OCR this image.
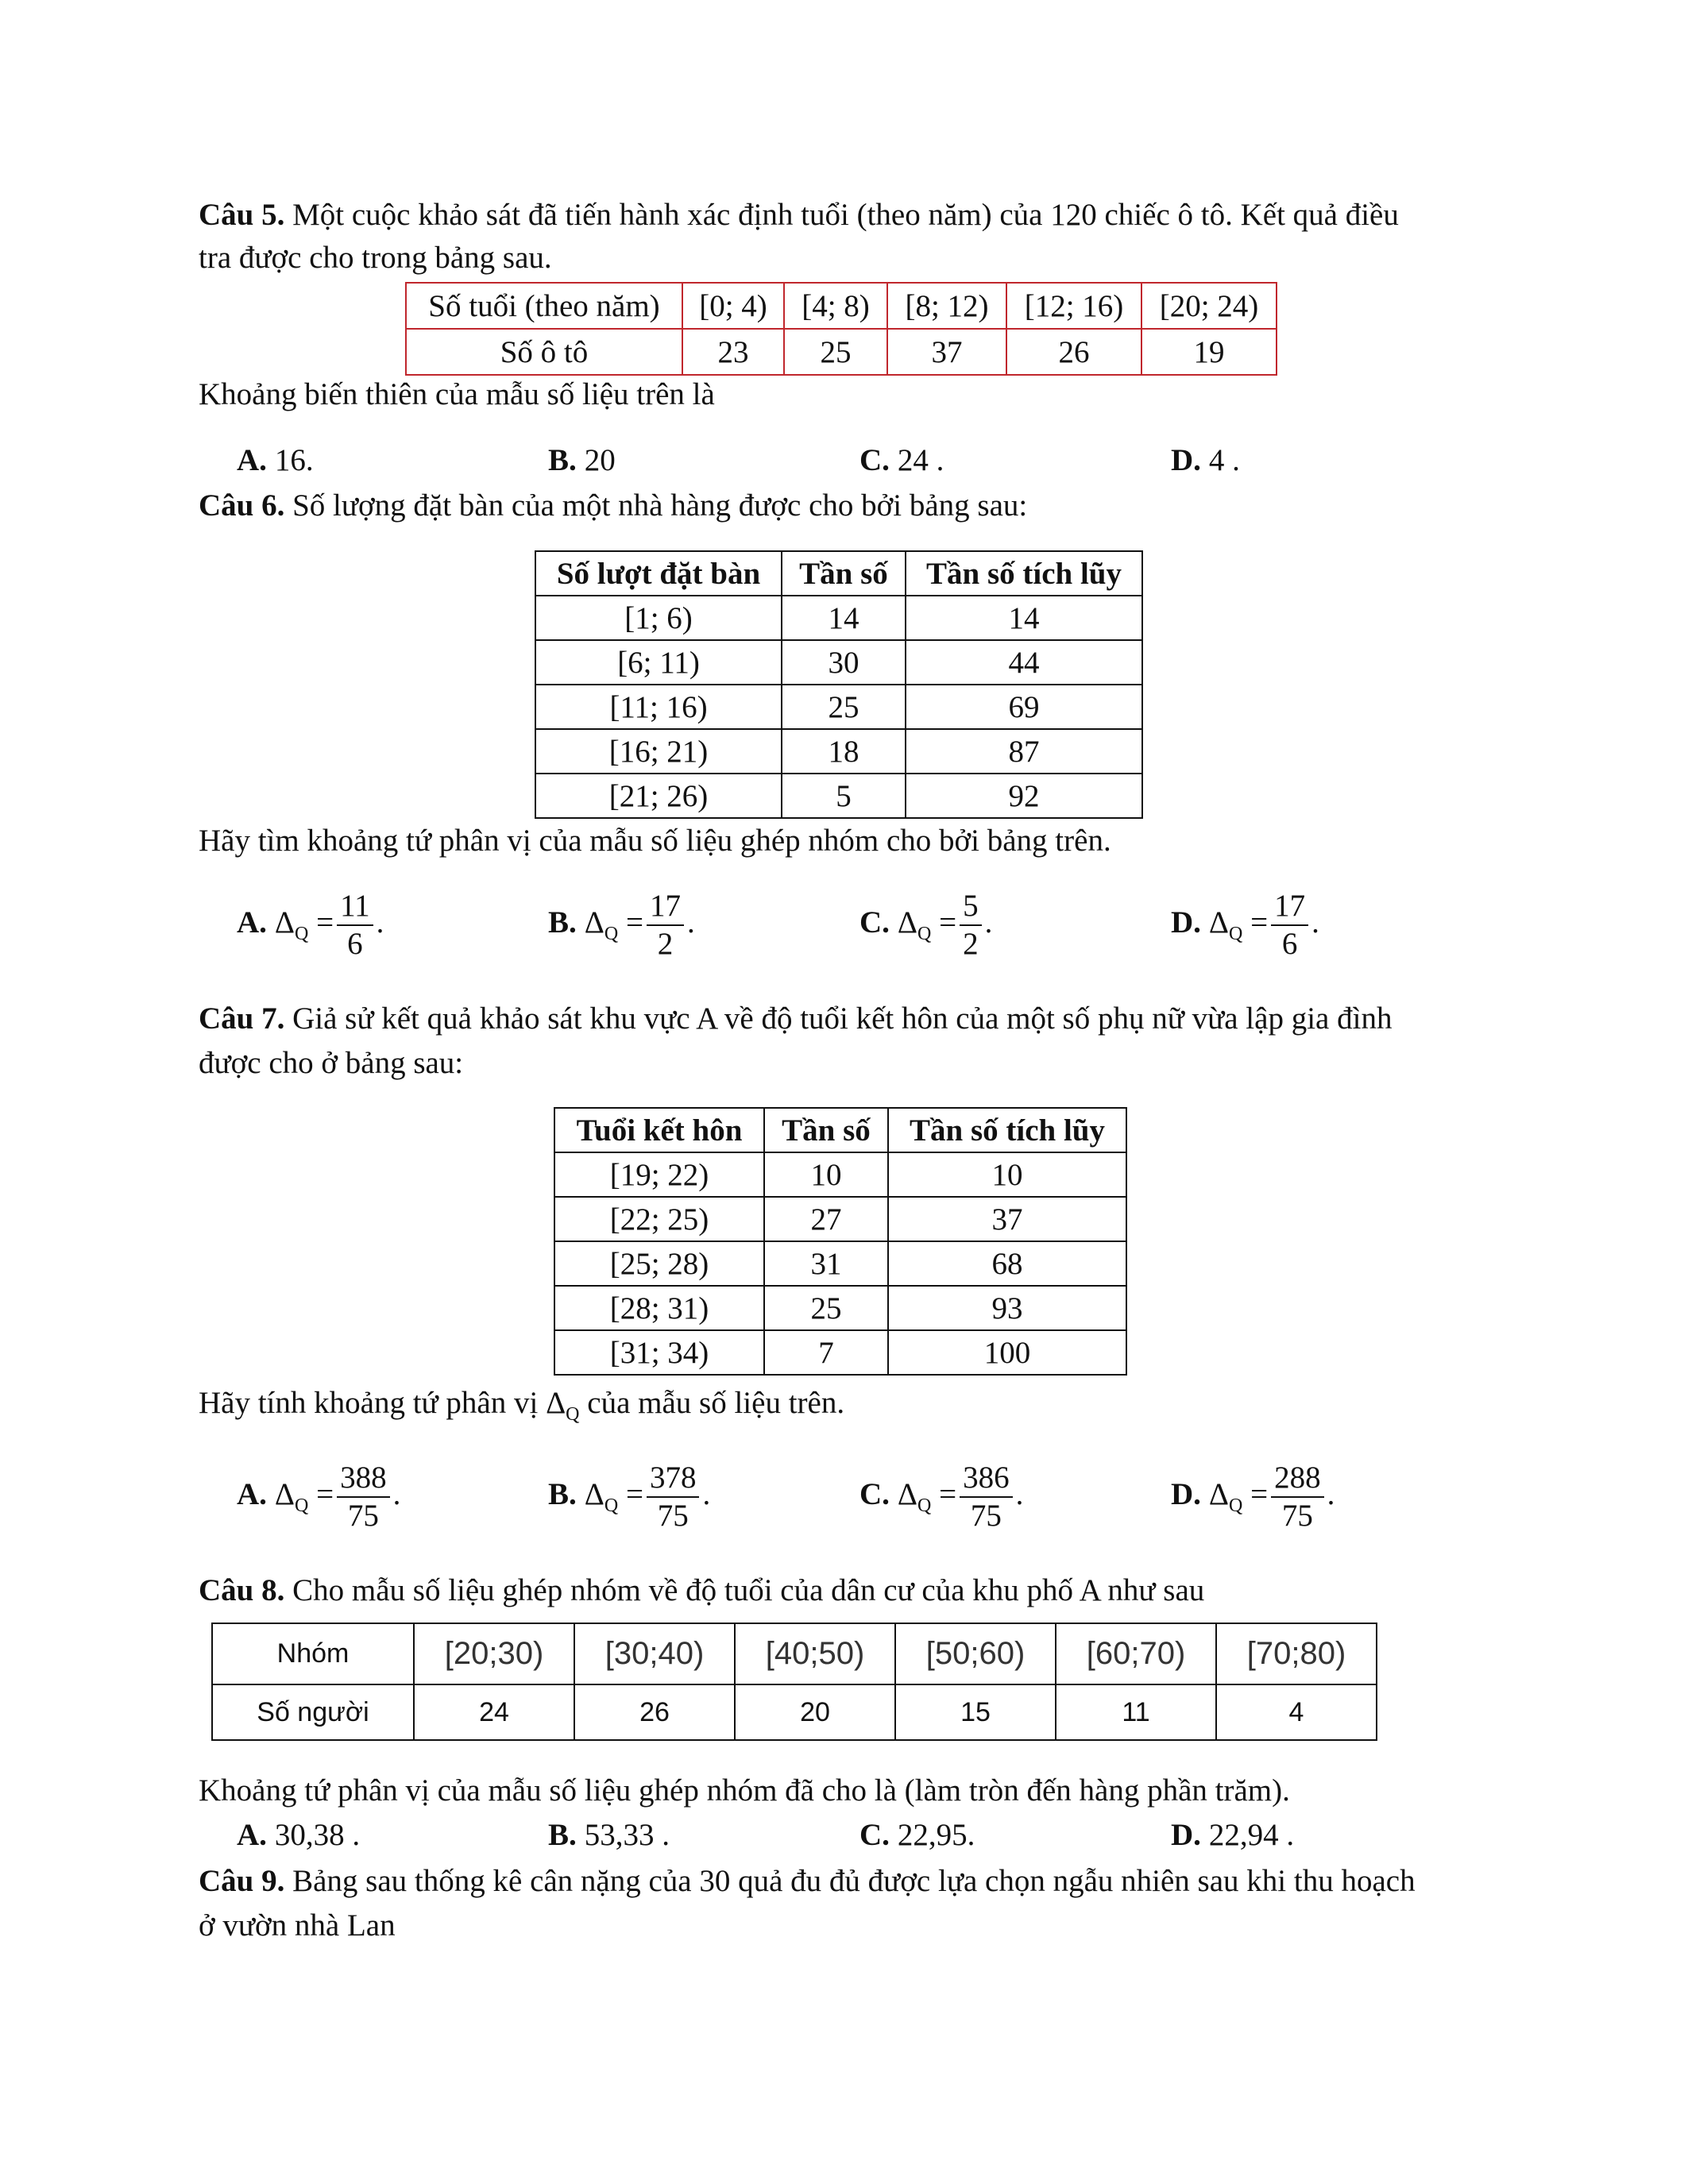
Câu 5. Một cuộc khảo sát đã tiến hành xác định tuổi (theo năm) của 120 chiếc ô tô. Kết quả điều
tra được cho trong bảng sau.
Số tuổi (theo năm)	[0; 4)	[4; 8)	[8; 12)	[12; 16)	[20; 24)
Số ô tô	23	25	37	26	19
Khoảng biến thiên của mẫu số liệu trên là
A. 16.	B. 20	C. 24 .	D. 4 .
Câu 6. Số lượng đặt bàn của một nhà hàng được cho bởi bảng sau:
Số lượt đặt bàn	Tần số	Tần số tích lũy
[1; 6)	14	14
[6; 11)	30	44
[11; 16)	25	69
[16; 21)	18	87
[21; 26)	5	92
Hãy tìm khoảng tứ phân vị của mẫu số liệu ghép nhóm cho bởi bảng trên.
A. $\Delta_Q = \frac{11}{6}$ .	B. $\Delta_Q = \frac{17}{2}$ .	C. $\Delta_Q = \frac{5}{2}$ .	D. $\Delta_Q = \frac{17}{6}$ .
Câu 7. Giả sử kết quả khảo sát khu vực A về độ tuổi kết hôn của một số phụ nữ vừa lập gia đình
được cho ở bảng sau:
Tuổi kết hôn	Tần số	Tần số tích lũy
[19; 22)	10	10
[22; 25)	27	37
[25; 28)	31	68
[28; 31)	25	93
[31; 34)	7	100
Hãy tính khoảng tứ phân vị $\Delta_Q$ của mẫu số liệu trên.
A. $\Delta_Q = \frac{388}{75}$ .	B. $\Delta_Q = \frac{378}{75}$ .	C. $\Delta_Q = \frac{386}{75}$ .	D. $\Delta_Q = \frac{288}{75}$ .
Câu 8. Cho mẫu số liệu ghép nhóm về độ tuổi của dân cư của khu phố A như sau
Nhóm	[20;30)	[30;40)	[40;50)	[50;60)	[60;70)	[70;80)
Số người	24	26	20	15	11	4
Khoảng tứ phân vị của mẫu số liệu ghép nhóm đã cho là (làm tròn đến hàng phần trăm).
A. 30,38 .	B. 53,33 .	C. 22,95.	D. 22,94 .
Câu 9. Bảng sau thống kê cân nặng của 30 quả đu đủ được lựa chọn ngẫu nhiên sau khi thu hoạch
ở vườn nhà Lan
